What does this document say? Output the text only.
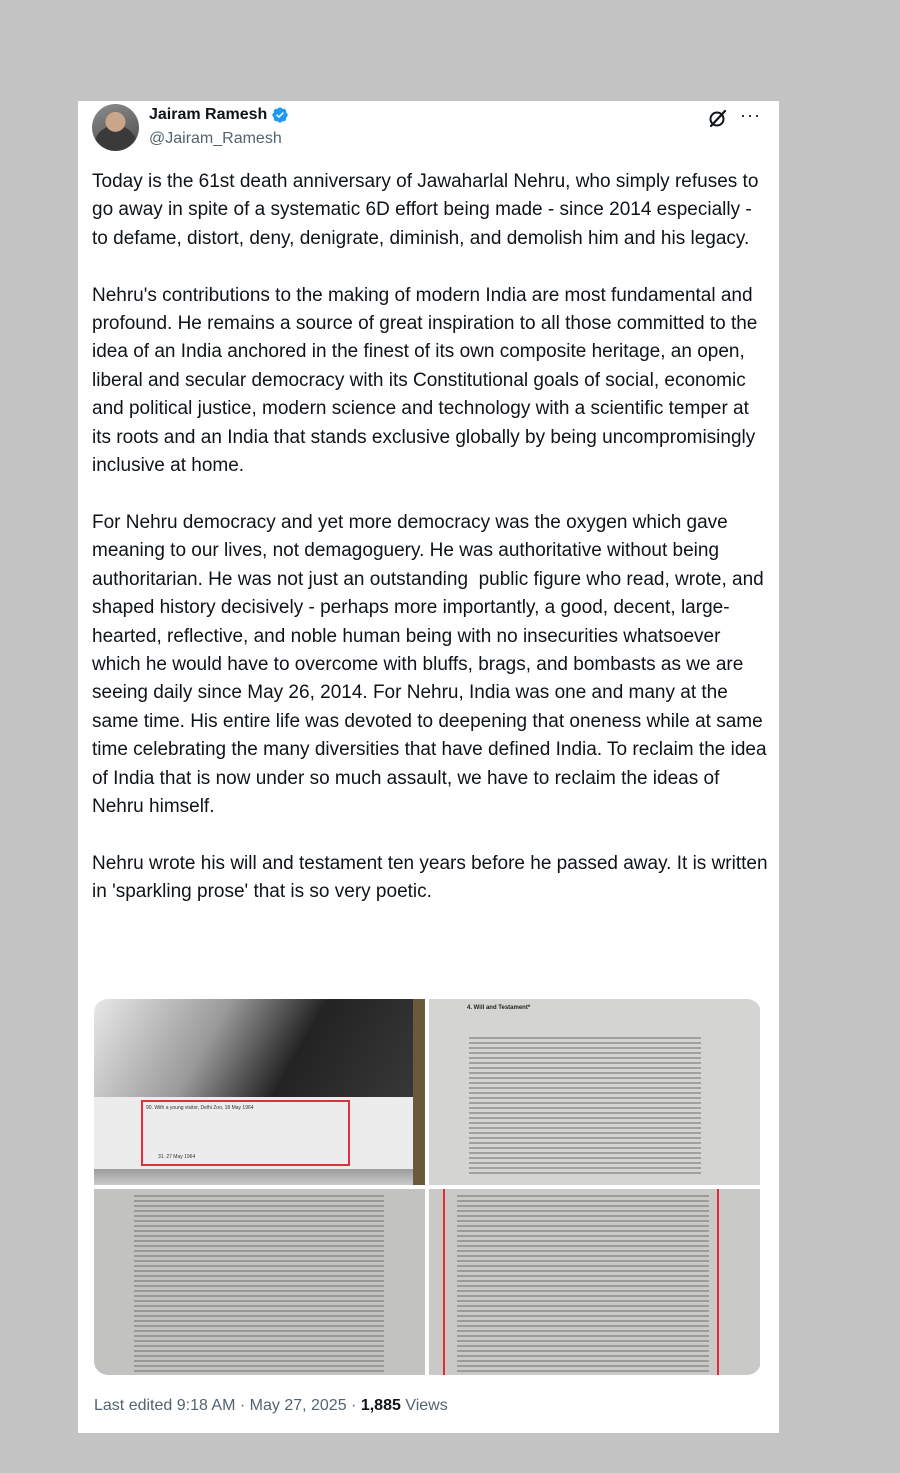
Jairam Ramesh
@Jairam_Ramesh
···

Today is the 61st death anniversary of Jawaharlal Nehru, who simply refuses to go away in spite of a systematic 6D effort being made - since 2014 especially - to defame, distort, deny, denigrate, diminish, and demolish him and his legacy.

Nehru's contributions to the making of modern India are most fundamental and profound. He remains a source of great inspiration to all those committed to the idea of an India anchored in the finest of its own composite heritage, an open, liberal and secular democracy with its Constitutional goals of social, economic and political justice, modern science and technology with a scientific temper at its roots and an India that stands exclusive globally by being uncompromisingly inclusive at home.

For Nehru democracy and yet more democracy was the oxygen which gave meaning to our lives, not demagoguery. He was authoritative without being authoritarian. He was not just an outstanding  public figure who read, wrote, and shaped history decisively - perhaps more importantly, a good, decent, large-hearted, reflective, and noble human being with no insecurities whatsoever which he would have to overcome with bluffs, brags, and bombasts as we are seeing daily since May 26, 2014. For Nehru, India was one and many at the same time. His entire life was devoted to deepening that oneness while at same time celebrating the many diversities that have defined India. To reclaim the idea of India that is now under so much assault, we have to reclaim the ideas of Nehru himself.

Nehru wrote his will and testament ten years before he passed away. It is written in 'sparkling prose' that is so very poetic.

90. With a young visitor, Delhi Zoo, 18 May 1964
31. 27 May 1964
4. Will and Testament*
Last edited 9:18 AM · May 27, 2025 · 1,885 Views
